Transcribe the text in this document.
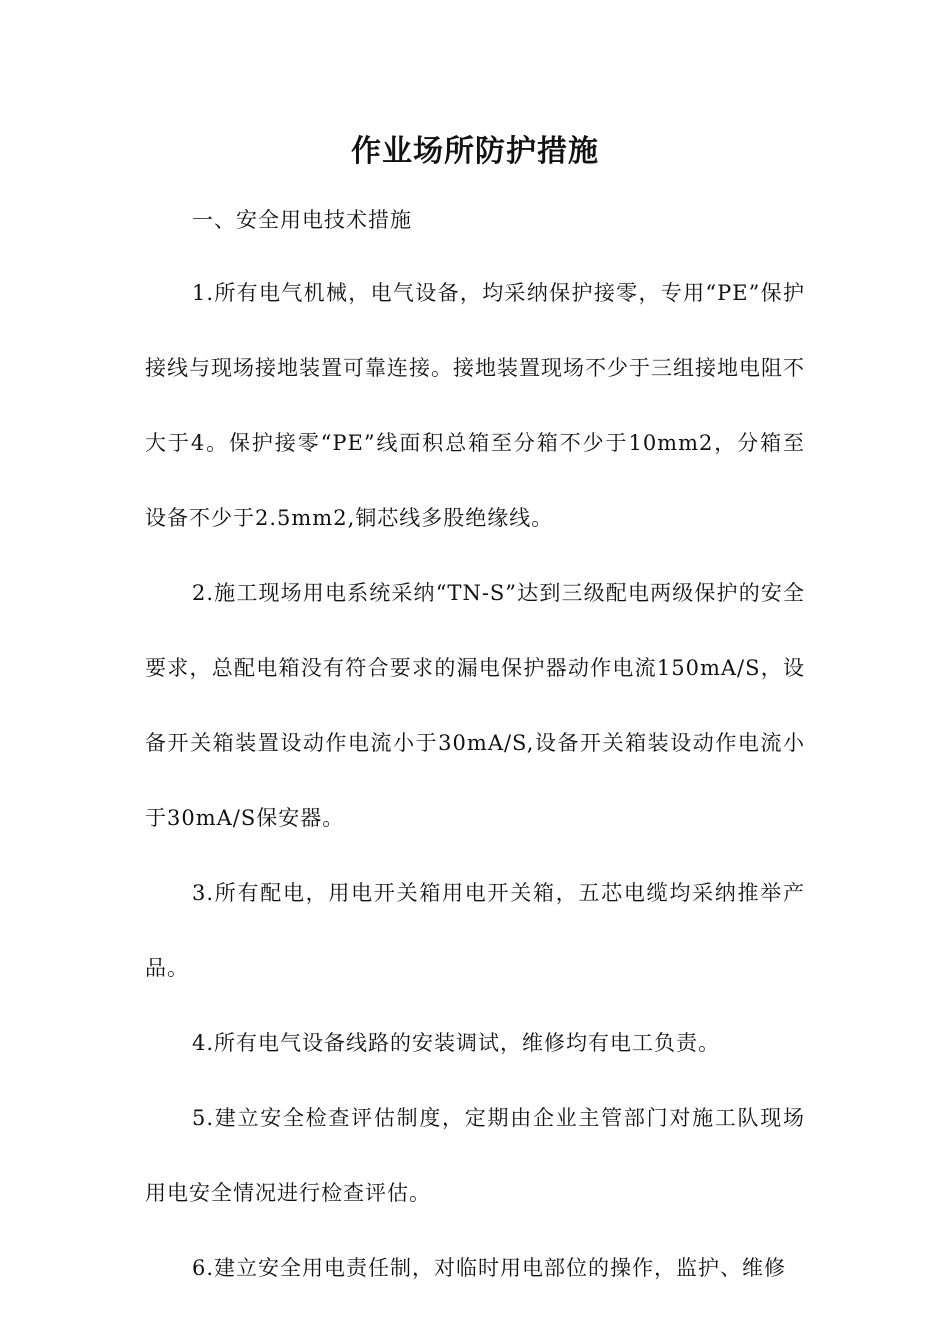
作业场所防护措施
一、安全用电技术措施

1.所有电气机械，电气设备，均采纳保护接零，专用“PE”保护接线与现场接地装置可靠连接。接地装置现场不少于三组接地电阻不大于4。保护接零“PE”线面积总箱至分箱不少于10mm2，分箱至设备不少于2.5mm2,铜芯线多股绝缘线。

2.施工现场用电系统采纳“TN-S”达到三级配电两级保护的安全要求，总配电箱没有符合要求的漏电保护器动作电流150mA/S，设备开关箱装置设动作电流小于30mA/S,设备开关箱装设动作电流小于30mA/S保安器。

3.所有配电，用电开关箱用电开关箱，五芯电缆均采纳推举产品。

4.所有电气设备线路的安装调试，维修均有电工负责。

5.建立安全检查评估制度，定期由企业主管部门对施工队现场用电安全情况进行检查评估。

6.建立安全用电责任制，对临时用电部位的操作，监护、维修
